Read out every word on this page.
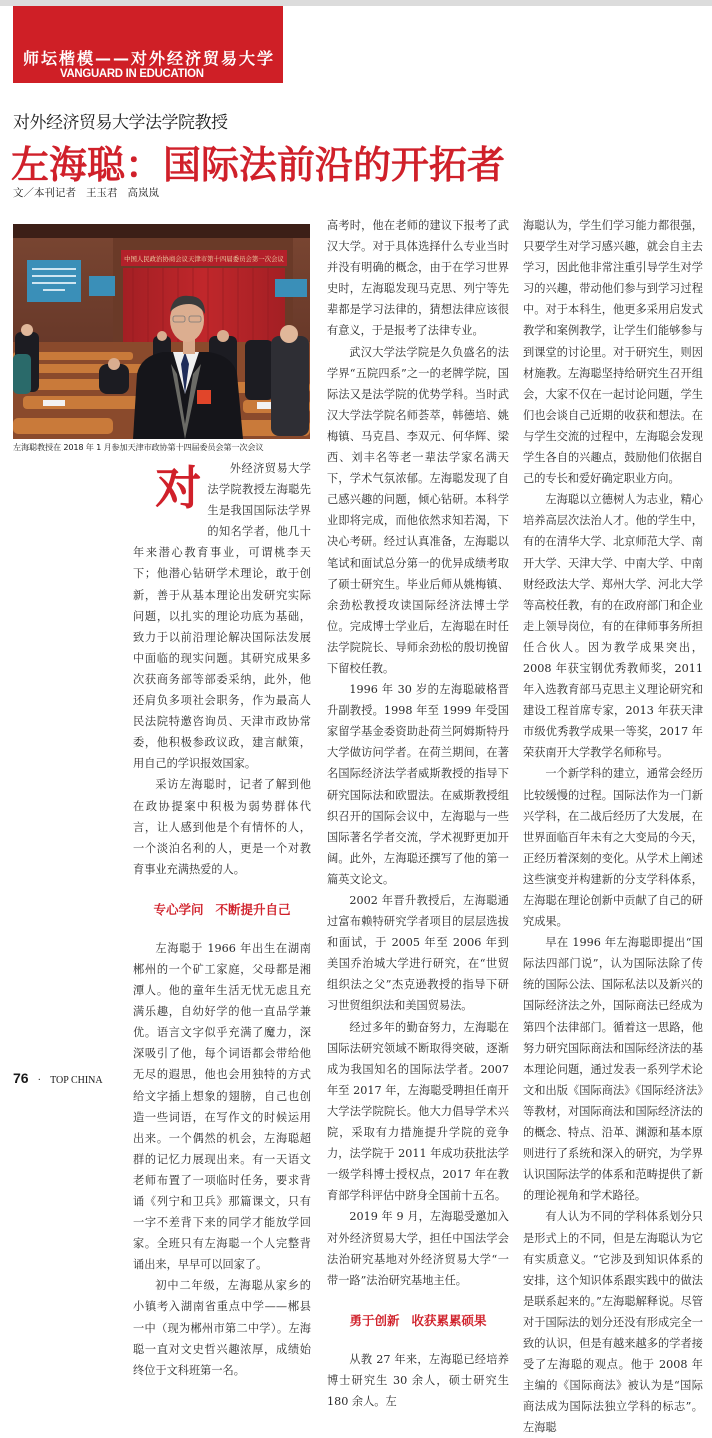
师坛楷模——对外经济贸易大学
VANGUARD IN EDUCATION
对外经济贸易大学法学院教授
左海聪：国际法前沿的开拓者
文／本刊记者 王玉君 高岚岚
中国人民政治协商会议天津市第十四届委员会第一次会议
左海聪教授在 2018 年 1 月参加天津市政协第十四届委员会第一次会议

对	外经济贸易大学法学院教授左海聪先生是我国国际法学界的知名学者，他几十年来潜心教育事业，可谓桃李天下；他潜心钻研学术理论，敢于创新，善于从基本理论出发研究实际问题，以扎实的理论功底为基础，致力于以前沿理论解决国际法发展中面临的现实问题。其研究成果多次获商务部等部委采纳，此外，他还肩负多项社会职务，作为最高人民法院特邀咨询员、天津市政协常委，他积极参政议政，建言献策，用自己的学识报效国家。

采访左海聪时，记者了解到他在政协提案中积极为弱势群体代言，让人感到他是个有情怀的人，一个淡泊名利的人，更是一个对教育事业充满热爱的人。

专心学问 不断提升自己

左海聪于 1966 年出生在湖南郴州的一个矿工家庭，父母都是湘潭人。他的童年生活无忧无虑且充满乐趣，自幼好学的他一直品学兼优。语言文字似乎充满了魔力，深深吸引了他，每个词语都会带给他无尽的遐思，他也会用独特的方式给文字插上想象的翅膀，自己也创造一些词语，在写作文的时候运用出来。一个偶然的机会，左海聪超群的记忆力展现出来。有一天语文老师布置了一项临时任务，要求背诵《列宁和卫兵》那篇课文，只有一字不差背下来的同学才能放学回家。全班只有左海聪一个人完整背诵出来，早早可以回家了。

初中二年级，左海聪从家乡的小镇考入湖南省重点中学——郴县一中（现为郴州市第二中学）。左海聪一直对文史哲兴趣浓厚，成绩始终位于文科班第一名。

高考时，他在老师的建议下报考了武汉大学。对于具体选择什么专业当时并没有明确的概念，由于在学习世界史时，左海聪发现马克思、列宁等先辈都是学习法律的，猜想法律应该很有意义，于是报考了法律专业。

武汉大学法学院是久负盛名的法学界“五院四系”之一的老牌学院，国际法又是法学院的优势学科。当时武汉大学法学院名师荟萃，韩德培、姚梅镇、马克昌、李双元、何华辉、梁西、刘丰名等老一辈法学家名满天下，学术气氛浓郁。左海聪发现了自己感兴趣的问题，倾心钻研。本科学业即将完成，而他依然求知若渴，下决心考研。经过认真准备，左海聪以笔试和面试总分第一的优异成绩考取了硕士研究生。毕业后师从姚梅镇、余劲松教授攻读国际经济法博士学位。完成博士学业后，左海聪在时任法学院院长、导师余劲松的殷切挽留下留校任教。

1996 年 30 岁的左海聪破格晋升副教授。1998 年至 1999 年受国家留学基金委资助赴荷兰阿姆斯特丹大学做访问学者。在荷兰期间，在著名国际经济法学者威斯教授的指导下研究国际法和欧盟法。在威斯教授组织召开的国际会议中，左海聪与一些国际著名学者交流，学术视野更加开阔。此外，左海聪还撰写了他的第一篇英文论文。

2002 年晋升教授后，左海聪通过富布赖特研究学者项目的层层选拔和面试，于 2005 年至 2006 年到美国乔治城大学进行研究，在“世贸组织法之父”杰克逊教授的指导下研习世贸组织法和美国贸易法。

经过多年的勤奋努力，左海聪在国际法研究领域不断取得突破，逐渐成为我国知名的国际法学者。2007 年至 2017 年，左海聪受聘担任南开大学法学院院长。他大力倡导学术兴院，采取有力措施提升学院的竞争力，法学院于 2011 年成功获批法学一级学科博士授权点，2017 年在教育部学科评估中跻身全国前十五名。

2019 年 9 月，左海聪受邀加入对外经济贸易大学，担任中国法学会法治研究基地对外经济贸易大学“一带一路”法治研究基地主任。

勇于创新 收获累累硕果

从教 27 年来，左海聪已经培养博士研究生 30 余人，硕士研究生 180 余人。左

海聪认为，学生们学习能力都很强，只要学生对学习感兴趣，就会自主去学习，因此他非常注重引导学生对学习的兴趣，带动他们参与到学习过程中。对于本科生，他更多采用启发式教学和案例教学，让学生们能够参与到课堂的讨论里。对于研究生，则因材施教。左海聪坚持给研究生召开组会，大家不仅在一起讨论问题，学生们也会谈自己近期的收获和想法。在与学生交流的过程中，左海聪会发现学生各自的兴趣点，鼓励他们依据自己的专长和爱好确定职业方向。

左海聪以立德树人为志业，精心培养高层次法治人才。他的学生中，有的在清华大学、北京师范大学、南开大学、天津大学、中南大学、中南财经政法大学、郑州大学、河北大学等高校任教，有的在政府部门和企业走上领导岗位，有的在律师事务所担任合伙人。因为教学成果突出，2008 年获宝钢优秀教师奖，2011 年入选教育部马克思主义理论研究和建设工程首席专家，2013 年获天津市级优秀教学成果一等奖，2017 年荣获南开大学教学名师称号。

一个新学科的建立，通常会经历比较缓慢的过程。国际法作为一门新兴学科，在二战后经历了大发展，在世界面临百年未有之大变局的今天，正经历着深刻的变化。从学术上阐述这些演变并构建新的分支学科体系，左海聪在理论创新中贡献了自己的研究成果。

早在 1996 年左海聪即提出“国际法四部门说”，认为国际法除了传统的国际公法、国际私法以及新兴的国际经济法之外，国际商法已经成为第四个法律部门。循着这一思路，他努力研究国际商法和国际经济法的基本理论问题，通过发表一系列学术论文和出版《国际商法》《国际经济法》等教材，对国际商法和国际经济法的的概念、特点、沿革、渊源和基本原则进行了系统和深入的研究，为学界认识国际法学的体系和范畴提供了新的理论视角和学术路径。

有人认为不同的学科体系划分只是形式上的不同，但是左海聪认为它有实质意义。“它涉及到知识体系的安排，这个知识体系跟实践中的做法是联系起来的。”左海聪解释说。尽管对于国际法的划分还没有形成完全一致的认识，但是有越来越多的学者接受了左海聪的观点。他于 2008 年主编的《国际商法》被认为是“国际商法成为国际法独立学科的标志”。左海聪

76 · TOP CHINA
